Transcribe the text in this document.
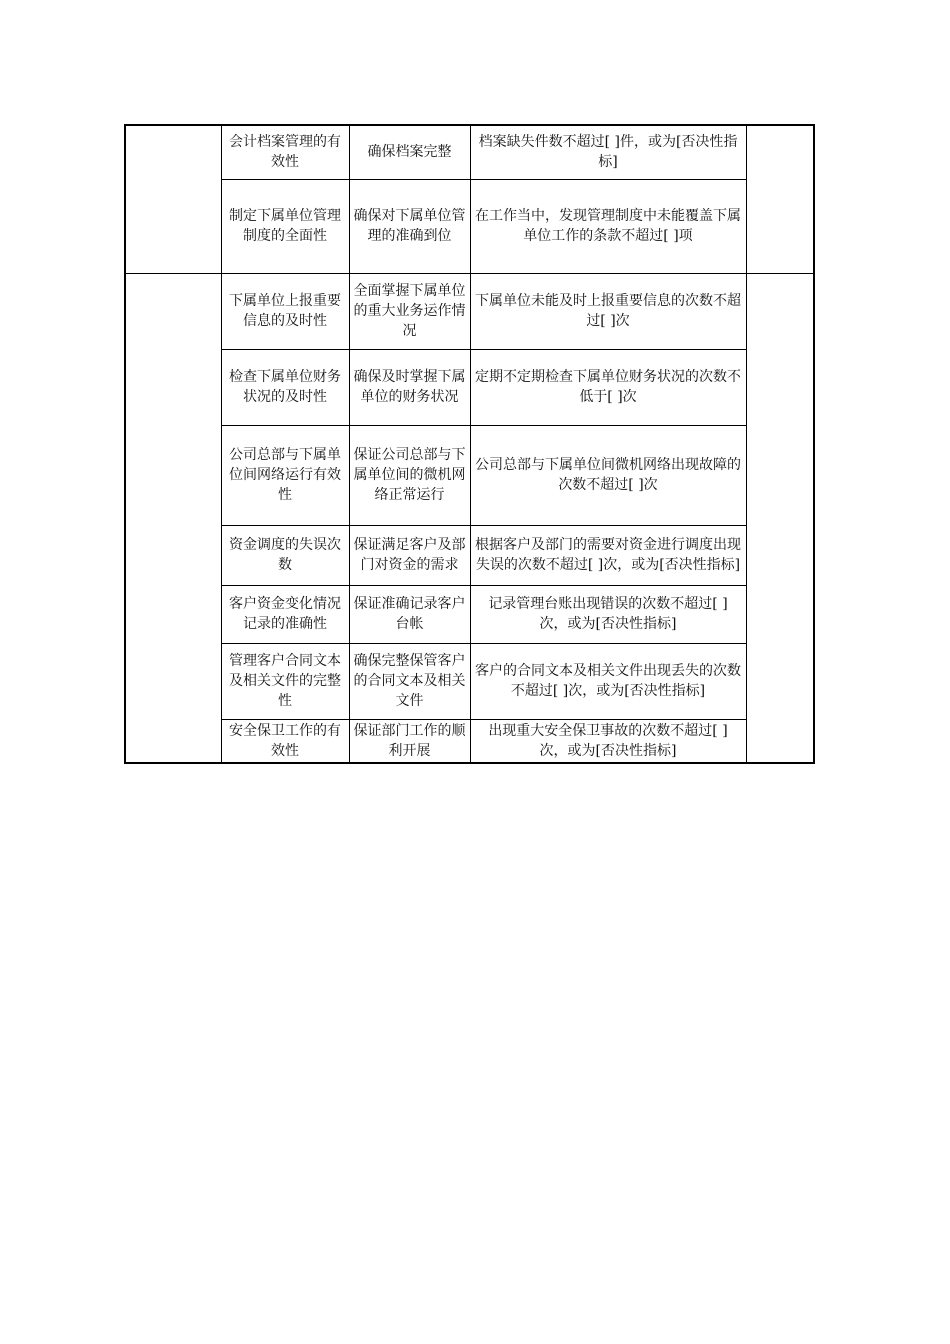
	会计档案管理的有效性	确保档案完整	档案缺失件数不超过[ ]件，或为[否决性指标]	
	制定下属单位管理制度的全面性	确保对下属单位管理的准确到位	在工作当中，发现管理制度中未能覆盖下属单位工作的条款不超过[ ]项	
	下属单位上报重要信息的及时性	全面掌握下属单位的重大业务运作情况	下属单位未能及时上报重要信息的次数不超过[ ]次	
	检查下属单位财务状况的及时性	确保及时掌握下属单位的财务状况	定期不定期检查下属单位财务状况的次数不低于[ ]次	
	公司总部与下属单位间网络运行有效性	保证公司总部与下属单位间的微机网络正常运行	公司总部与下属单位间微机网络出现故障的次数不超过[ ]次	
	资金调度的失误次数	保证满足客户及部门对资金的需求	根据客户及部门的需要对资金进行调度出现失误的次数不超过[ ]次，或为[否决性指标]	
	客户资金变化情况记录的准确性	保证准确记录客户台帐	记录管理台账出现错误的次数不超过[ ]次，或为[否决性指标]	
	管理客户合同文本及相关文件的完整性	确保完整保管客户的合同文本及相关文件	客户的合同文本及相关文件出现丢失的次数不超过[ ]次，或为[否决性指标]	
	安全保卫工作的有效性	保证部门工作的顺利开展	出现重大安全保卫事故的次数不超过[ ]次，或为[否决性指标]	
